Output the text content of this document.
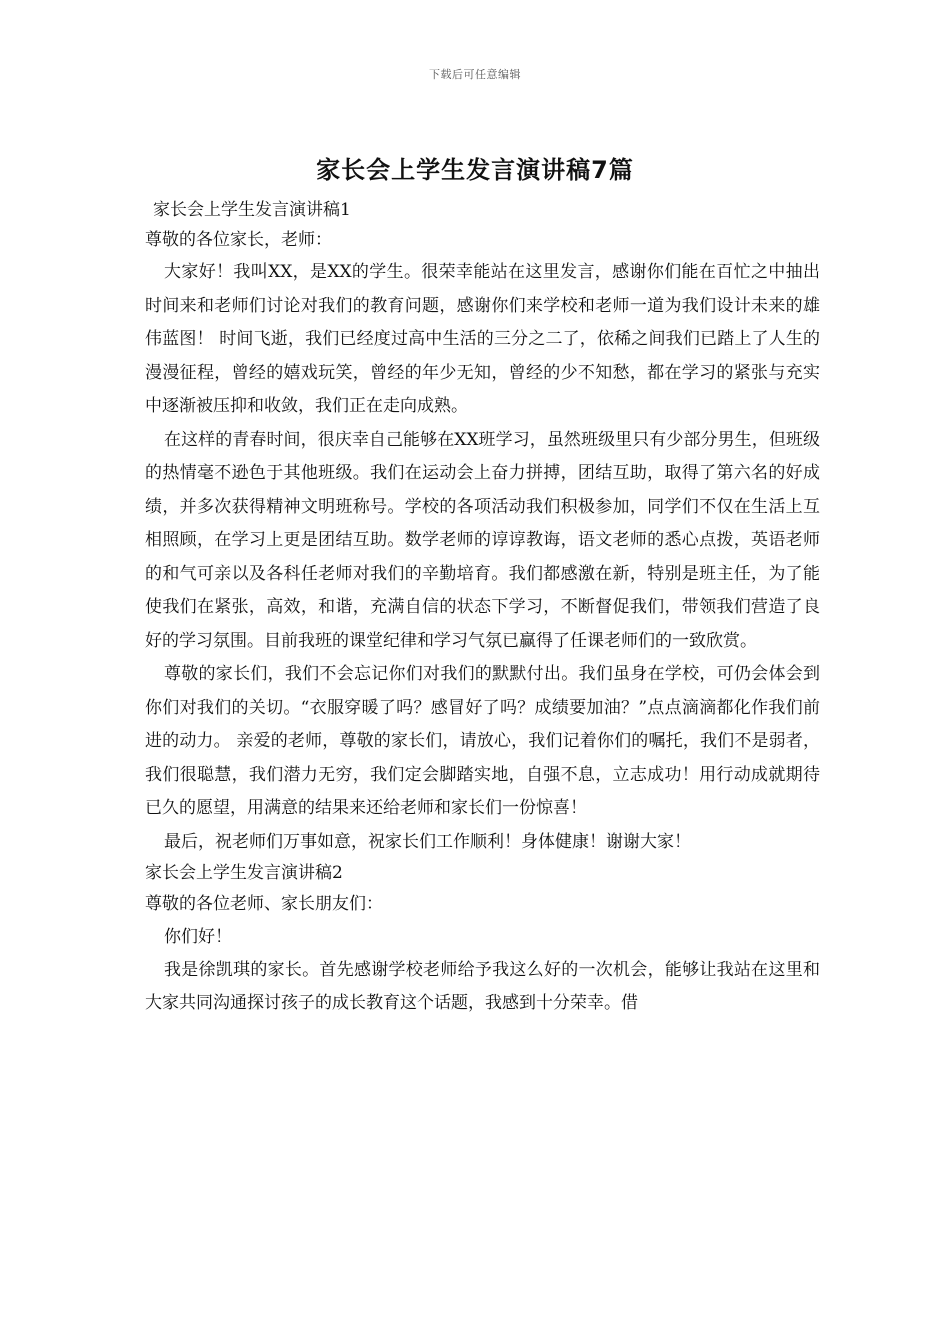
下载后可任意编辑
家长会上学生发言演讲稿7篇

家长会上学生发言演讲稿1

尊敬的各位家长，老师：

大家好！我叫XX，是XX的学生。很荣幸能站在这里发言，感谢你们能在百忙之中抽出时间来和老师们讨论对我们的教育问题，感谢你们来学校和老师一道为我们设计未来的雄伟蓝图！ 时间飞逝，我们已经度过高中生活的三分之二了，依稀之间我们已踏上了人生的漫漫征程，曾经的嬉戏玩笑，曾经的年少无知，曾经的少不知愁，都在学习的紧张与充实中逐渐被压抑和收敛，我们正在走向成熟。

在这样的青春时间，很庆幸自己能够在XX班学习，虽然班级里只有少部分男生，但班级的热情毫不逊色于其他班级。我们在运动会上奋力拼搏，团结互助，取得了第六名的好成绩，并多次获得精神文明班称号。学校的各项活动我们积极参加，同学们不仅在生活上互相照顾，在学习上更是团结互助。数学老师的谆谆教诲，语文老师的悉心点拨，英语老师的和气可亲以及各科任老师对我们的辛勤培育。我们都感激在新，特别是班主任，为了能使我们在紧张，高效，和谐，充满自信的状态下学习，不断督促我们，带领我们营造了良好的学习氛围。目前我班的课堂纪律和学习气氛已赢得了任课老师们的一致欣赏。

尊敬的家长们，我们不会忘记你们对我们的默默付出。我们虽身在学校，可仍会体会到你们对我们的关切。“衣服穿暖了吗？感冒好了吗？成绩要加油？”点点滴滴都化作我们前进的动力。 亲爱的老师，尊敬的家长们，请放心，我们记着你们的嘱托，我们不是弱者，我们很聪慧，我们潜力无穷，我们定会脚踏实地，自强不息，立志成功！用行动成就期待已久的愿望，用满意的结果来还给老师和家长们一份惊喜！

最后，祝老师们万事如意，祝家长们工作顺利！身体健康！谢谢大家！

家长会上学生发言演讲稿2

尊敬的各位老师、家长朋友们：

你们好！

我是徐凯琪的家长。首先感谢学校老师给予我这么好的一次机会，能够让我站在这里和大家共同沟通探讨孩子的成长教育这个话题，我感到十分荣幸。借
